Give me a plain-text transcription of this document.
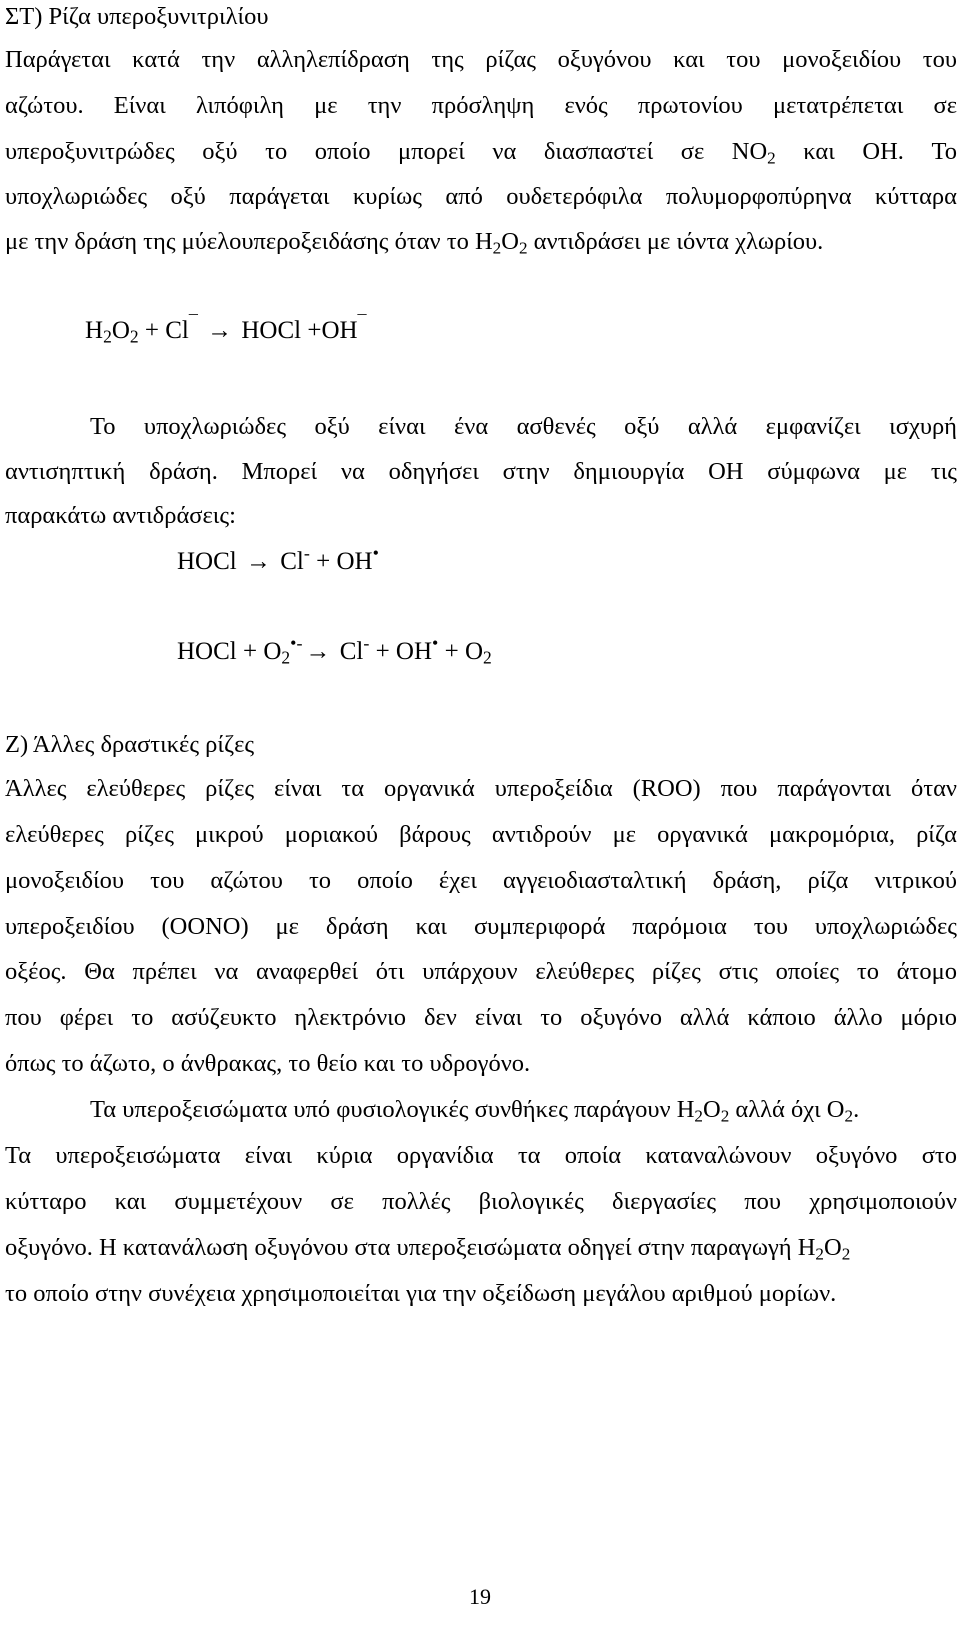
ΣΤ) Ρίζα υπεροξυνιτριλίου
Παράγεται κατά την αλληλεπίδραση της ρίζας οξυγόνου και του μονοξειδίου του
αζώτου. Είναι λιπόφιλη με την πρόσληψη ενός πρωτονίου μετατρέπεται σε
υπεροξυνιτρώδες οξύ το οποίο μπορεί να διασπαστεί σε $NO_2$ και OH. Το
υποχλωριώδες οξύ παράγεται κυρίως από ουδετερόφιλα πολυμορφοπύρηνα κύτταρα
με την δράση της μύελουπεροξειδάσης όταν το $H_2O_2$ αντιδράσει με ιόντα χλωρίου.
$H_2O_2 + Cl^¯$ → HOCl +OH¯
Το υποχλωριώδες οξύ είναι ένα ασθενές οξύ αλλά εμφανίζει ισχυρή
αντισηπτική δράση. Μπορεί να οδηγήσει στην δημιουργία OH σύμφωνα με τις
παρακάτω αντιδράσεις:
HOCl → Cl- + OH•
HOCl + $O_2^{•-} \to Cl^- + OH^• + O_2$
Ζ) Άλλες δραστικές ρίζες
Άλλες ελεύθερες ρίζες είναι τα οργανικά υπεροξείδια (ROO) που παράγονται όταν
ελεύθερες ρίζες μικρού μοριακού βάρους αντιδρούν με οργανικά μακρομόρια, ρίζα
μονοξειδίου του αζώτου το οποίο έχει αγγειοδιασταλτική δράση, ρίζα νιτρικού
υπεροξειδίου (OONO) με δράση και συμπεριφορά παρόμοια του υποχλωριώδες
οξέος. Θα πρέπει να αναφερθεί ότι υπάρχουν ελεύθερες ρίζες στις οποίες το άτομο
που φέρει το ασύζευκτο ηλεκτρόνιο δεν είναι το οξυγόνο αλλά κάποιο άλλο μόριο
όπως το άζωτο, ο άνθρακας, το θείο και το υδρογόνο.
Τα υπεροξεισώματα υπό φυσιολογικές συνθήκες παράγουν $H_2O_2$ αλλά όχι $O_2$.
Τα υπεροξεισώματα είναι κύρια οργανίδια τα οποία καταναλώνουν οξυγόνο στο
κύτταρο και συμμετέχουν σε πολλές βιολογικές διεργασίες που χρησιμοποιούν
οξυγόνο. Η κατανάλωση οξυγόνου στα υπεροξεισώματα οδηγεί στην παραγωγή $H_2O_2$
το οποίο στην συνέχεια χρησιμοποιείται για την οξείδωση μεγάλου αριθμού μορίων.
19
